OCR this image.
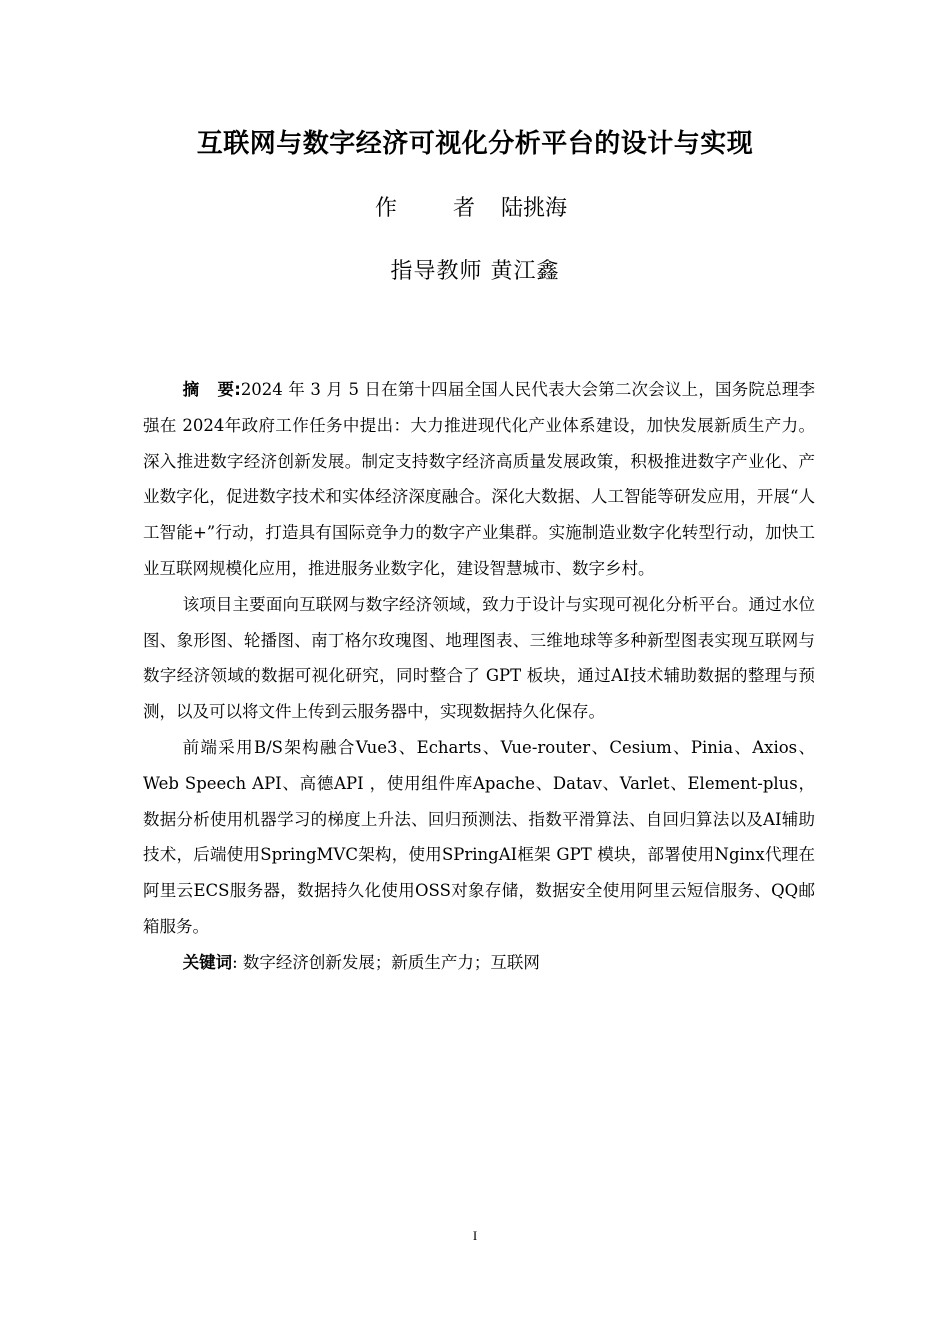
互联网与数字经济可视化分析平台的设计与实现
作	者 陆挑海
指导教师 黄江鑫

摘 要:2024 年 3 月 5 日在第十四届全国人民代表大会第二次会议上，国务院总理李强在 2024年政府工作任务中提出：大力推进现代化产业体系建设，加快发展新质生产力。深入推进数字经济创新发展。制定支持数字经济高质量发展政策，积极推进数字产业化、产业数字化，促进数字技术和实体经济深度融合。深化大数据、人工智能等研发应用，开展“人工智能+”行动，打造具有国际竞争力的数字产业集群。实施制造业数字化转型行动，加快工业互联网规模化应用，推进服务业数字化，建设智慧城市、数字乡村。

该项目主要面向互联网与数字经济领域，致力于设计与实现可视化分析平台。通过水位图、象形图、轮播图、南丁格尔玫瑰图、地理图表、三维地球等多种新型图表实现互联网与数字经济领域的数据可视化研究，同时整合了 GPT 板块，通过AI技术辅助数据的整理与预测，以及可以将文件上传到云服务器中，实现数据持久化保存。

前端采用B/S架构融合Vue3、Echarts、Vue-router、Cesium、Pinia、Axios、Web Speech API、高德API ，使用组件库Apache、Datav、Varlet、Element-plus，数据分析使用机器学习的梯度上升法、回归预测法、指数平滑算法、自回归算法以及AI辅助技术，后端使用SpringMVC架构，使用SPringAI框架 GPT 模块，部署使用Nginx代理在阿里云ECS服务器，数据持久化使用OSS对象存储，数据安全使用阿里云短信服务、QQ邮箱服务。

关键词: 数字经济创新发展；新质生产力；互联网

I
